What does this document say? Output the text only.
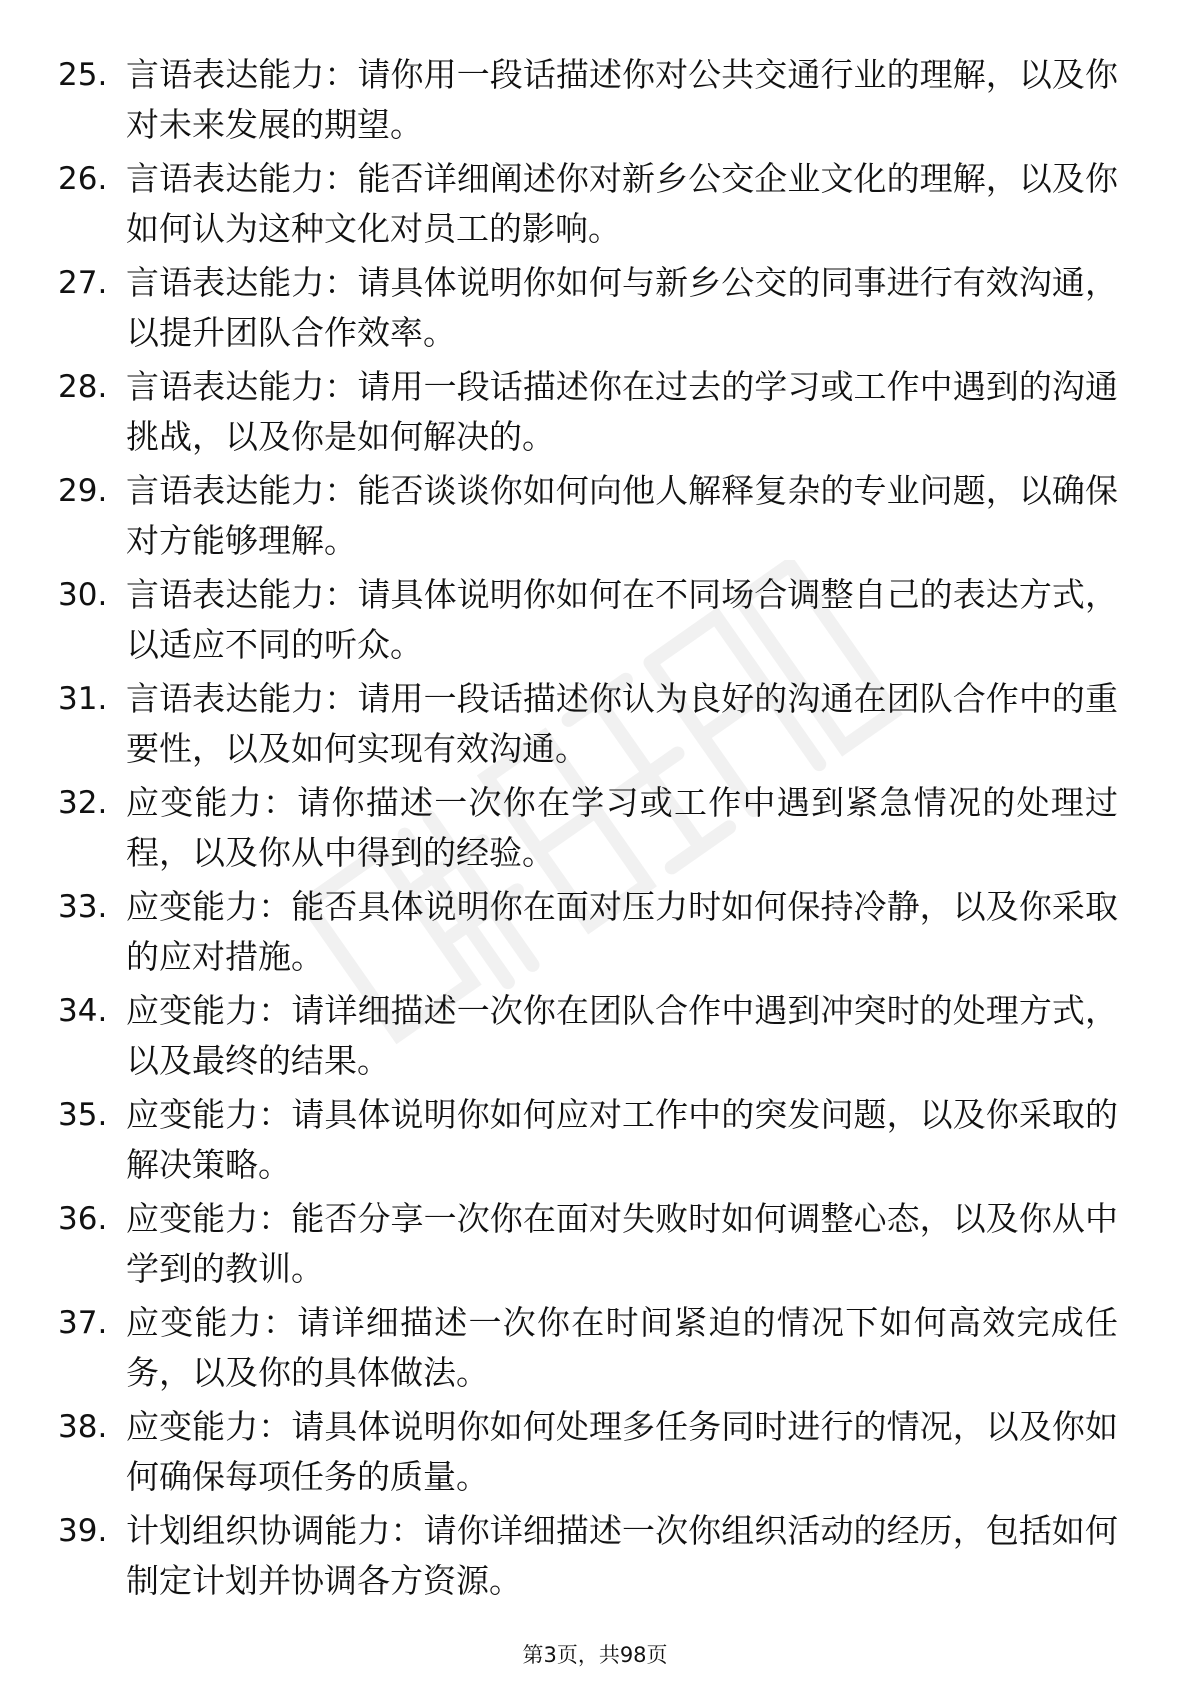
25. 言语表达能力：请你用一段话描述你对公共交通行业的理解，以及你对未来发展的期望。
26. 言语表达能力：能否详细阐述你对新乡公交企业文化的理解，以及你如何认为这种文化对员工的影响。
27. 言语表达能力：请具体说明你如何与新乡公交的同事进行有效沟通，以提升团队合作效率。
28. 言语表达能力：请用一段话描述你在过去的学习或工作中遇到的沟通挑战，以及你是如何解决的。
29. 言语表达能力：能否谈谈你如何向他人解释复杂的专业问题，以确保对方能够理解。
30. 言语表达能力：请具体说明你如何在不同场合调整自己的表达方式，以适应不同的听众。
31. 言语表达能力：请用一段话描述你认为良好的沟通在团队合作中的重要性，以及如何实现有效沟通。
32. 应变能力：请你描述一次你在学习或工作中遇到紧急情况的处理过程，以及你从中得到的经验。
33. 应变能力：能否具体说明你在面对压力时如何保持冷静，以及你采取的应对措施。
34. 应变能力：请详细描述一次你在团队合作中遇到冲突时的处理方式，以及最终的结果。
35. 应变能力：请具体说明你如何应对工作中的突发问题，以及你采取的解决策略。
36. 应变能力：能否分享一次你在面对失败时如何调整心态，以及你从中学到的教训。
37. 应变能力：请详细描述一次你在时间紧迫的情况下如何高效完成任务，以及你的具体做法。
38. 应变能力：请具体说明你如何处理多任务同时进行的情况，以及你如何确保每项任务的质量。
39. 计划组织协调能力：请你详细描述一次你组织活动的经历，包括如何制定计划并协调各方资源。
第3页，共98页
